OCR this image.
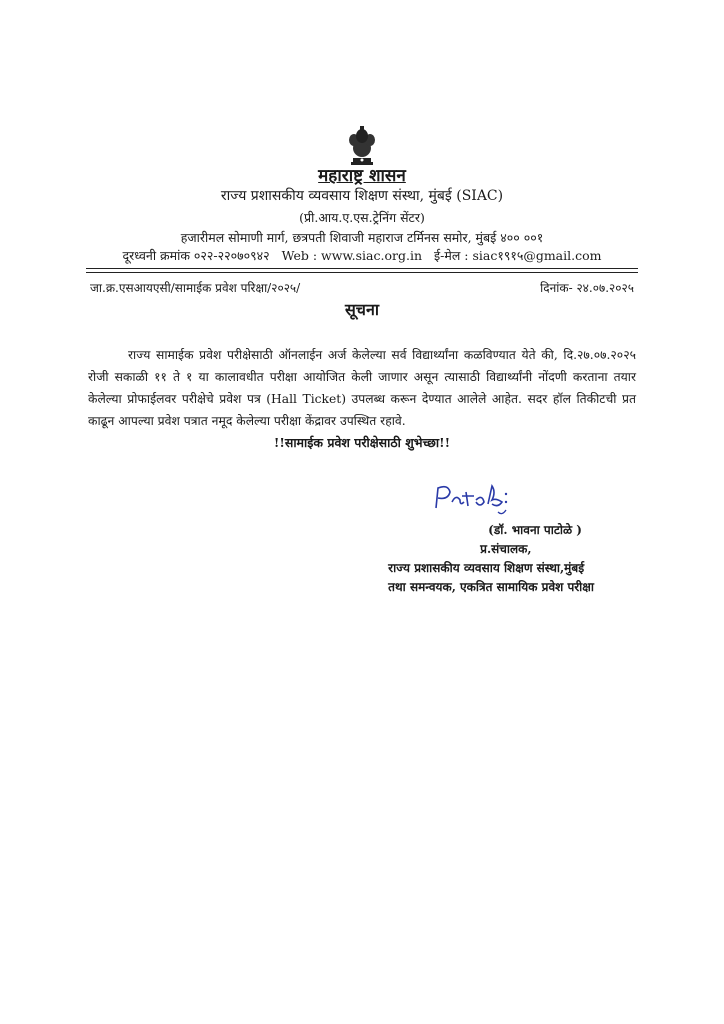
महाराष्ट्र शासन
राज्य प्रशासकीय व्यवसाय शिक्षण संस्था, मुंबई (SIAC)
(प्री.आय.ए.एस.ट्रेनिंग सेंटर)
हजारीमल सोमाणी मार्ग, छत्रपती शिवाजी महाराज टर्मिनस समोर, मुंबई ४०० ००१
दूरध्वनी क्रमांक ०२२-२२०७०९४२ Web : www.siac.org.in ई-मेल : siac१९१५@gmail.com
जा.क्र.एसआयएसी/सामाईक प्रवेश परिक्षा/२०२५/	दिनांक- २४.०७.२०२५
सूचना
राज्य सामाईक प्रवेश परीक्षेसाठी ऑनलाईन अर्ज केलेल्या सर्व विद्यार्थ्यांना कळविण्यात येते की, दि.२७.०७.२०२५ रोजी सकाळी ११ ते १ या कालावधीत परीक्षा आयोजित केली जाणार असून त्यासाठी विद्यार्थ्यांनी नोंदणी करताना तयार केलेल्या प्रोफाईलवर परीक्षेचे प्रवेश पत्र (Hall Ticket) उपलब्ध करून देण्यात आलेले आहेत. सदर हॉल तिकीटची प्रत काढून आपल्या प्रवेश पत्रात नमूद केलेल्या परीक्षा केंद्रावर उपस्थित रहावे.
!!सामाईक प्रवेश परीक्षेसाठी शुभेच्छा!!
(डॉ. भावना पाटोळे )
प्र.संचालक,
राज्य प्रशासकीय व्यवसाय शिक्षण संस्था,मुंबई
तथा समन्वयक, एकत्रित सामायिक प्रवेश परीक्षा
